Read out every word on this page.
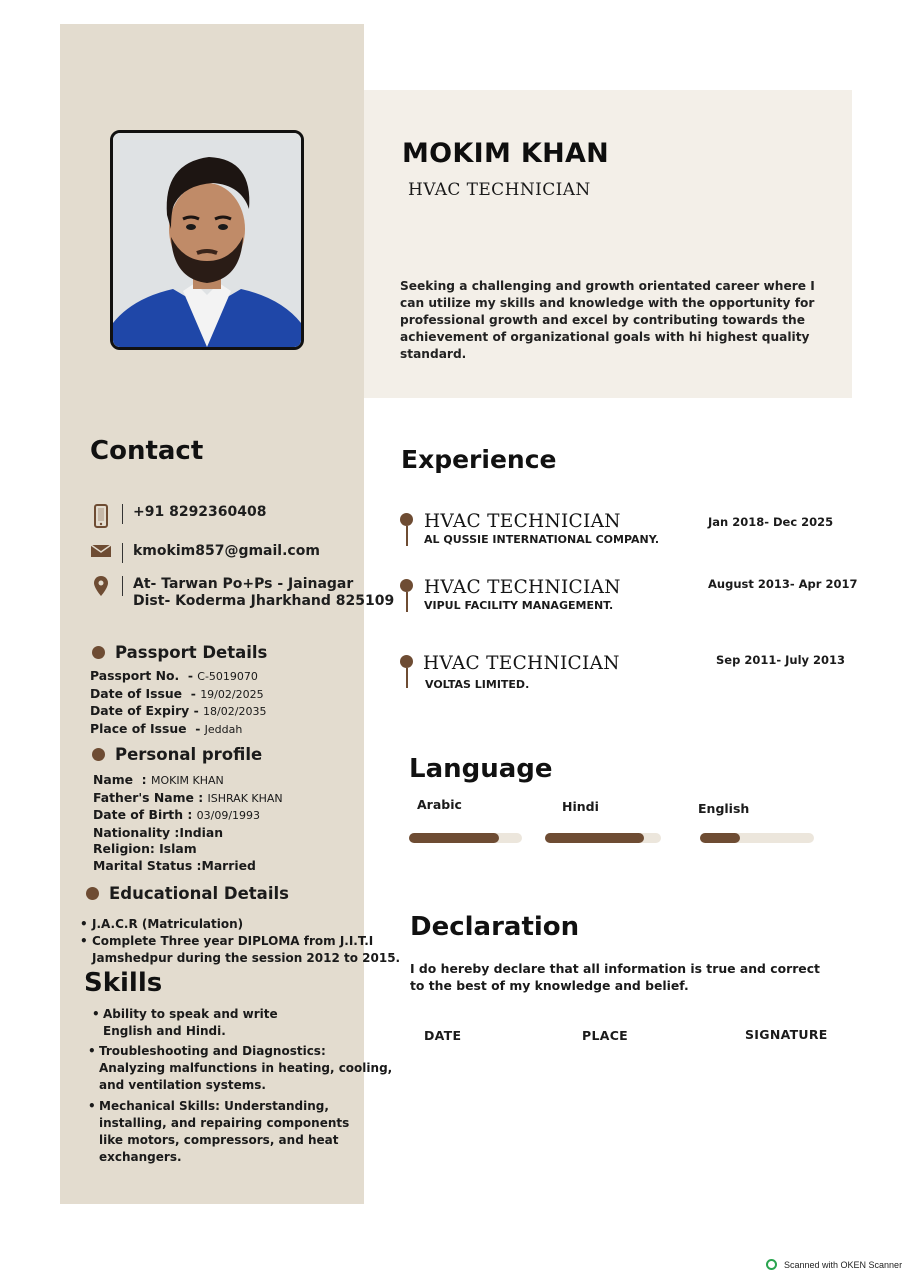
MOKIM KHAN
HVAC TECHNICIAN
Seeking a challenging and growth orientated career where I can utilize my skills and knowledge with the opportunity for professional growth and excel by contributing towards the achievement of organizational goals with hi highest quality standard.
Contact
+91 8292360408
kmokim857@gmail.com
At- Tarwan Po+Ps - Jainagar
Dist- Koderma Jharkhand 825109
Passport Details
Passport No.  - C-5019070
Date of Issue  - 19/02/2025
Date of Expiry - 18/02/2035
Place of Issue  - Jeddah
Personal profile
Name  : MOKIM KHAN
Father's Name : ISHRAK KHAN
Date of Birth : 03/09/1993
Nationality :Indian
Religion: Islam
Marital Status :Married
Educational Details
• J.A.C.R (Matriculation)
• Complete Three year DIPLOMA from J.I.T.I
Jamshedpur during the session 2012 to 2015.
Skills
• Ability to speak and write
English and Hindi.
• Troubleshooting and Diagnostics:
Analyzing malfunctions in heating, cooling,
and ventilation systems.
• Mechanical Skills: Understanding,
installing, and repairing components
like motors, compressors, and heat
exchangers.
Experience
HVAC TECHNICIAN
AL QUSSIE INTERNATIONAL COMPANY.
Jan 2018- Dec 2025
HVAC TECHNICIAN
VIPUL FACILITY MANAGEMENT.
August 2013- Apr 2017
HVAC TECHNICIAN
VOLTAS LIMITED.
Sep 2011- July 2013
Language
Arabic	Hindi	English
Declaration
I do hereby declare that all information is true and correct to the best of my knowledge and belief.
DATE	PLACE	SIGNATURE
Scanned with OKEN Scanner
